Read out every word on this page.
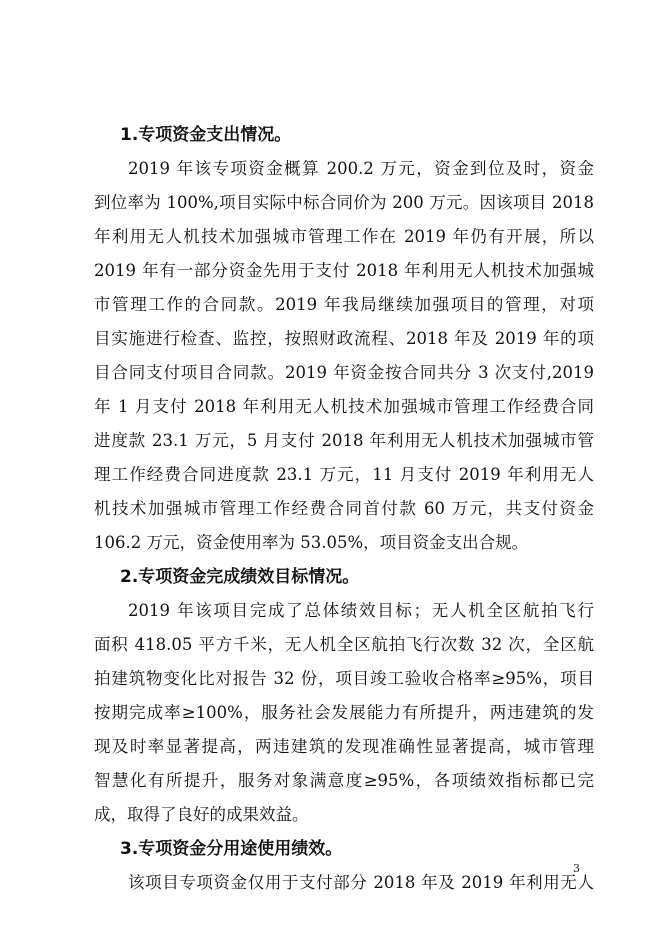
1.专项资金支出情况。
2019 年该专项资金概算 200.2 万元，资金到位及时，资金
到位率为 100%,项目实际中标合同价为 200 万元。因该项目 2018
年利用无人机技术加强城市管理工作在 2019 年仍有开展，所以
2019 年有一部分资金先用于支付 2018 年利用无人机技术加强城
市管理工作的合同款。2019 年我局继续加强项目的管理，对项
目实施进行检查、监控，按照财政流程、2018 年及 2019 年的项
目合同支付项目合同款。2019 年资金按合同共分 3 次支付,2019
年 1 月支付 2018 年利用无人机技术加强城市管理工作经费合同
进度款 23.1 万元，5 月支付 2018 年利用无人机技术加强城市管
理工作经费合同进度款 23.1 万元，11 月支付 2019 年利用无人
机技术加强城市管理工作经费合同首付款 60 万元，共支付资金
106.2 万元，资金使用率为 53.05%，项目资金支出合规。
2.专项资金完成绩效目标情况。
2019 年该项目完成了总体绩效目标；无人机全区航拍飞行
面积 418.05 平方千米，无人机全区航拍飞行次数 32 次，全区航
拍建筑物变化比对报告 32 份，项目竣工验收合格率≥95%，项目
按期完成率≥100%，服务社会发展能力有所提升，两违建筑的发
现及时率显著提高，两违建筑的发现准确性显著提高，城市管理
智慧化有所提升，服务对象满意度≥95%，各项绩效指标都已完
成，取得了良好的成果效益。
3.专项资金分用途使用绩效。
该项目专项资金仅用于支付部分 2018 年及 2019 年利用无人
3
